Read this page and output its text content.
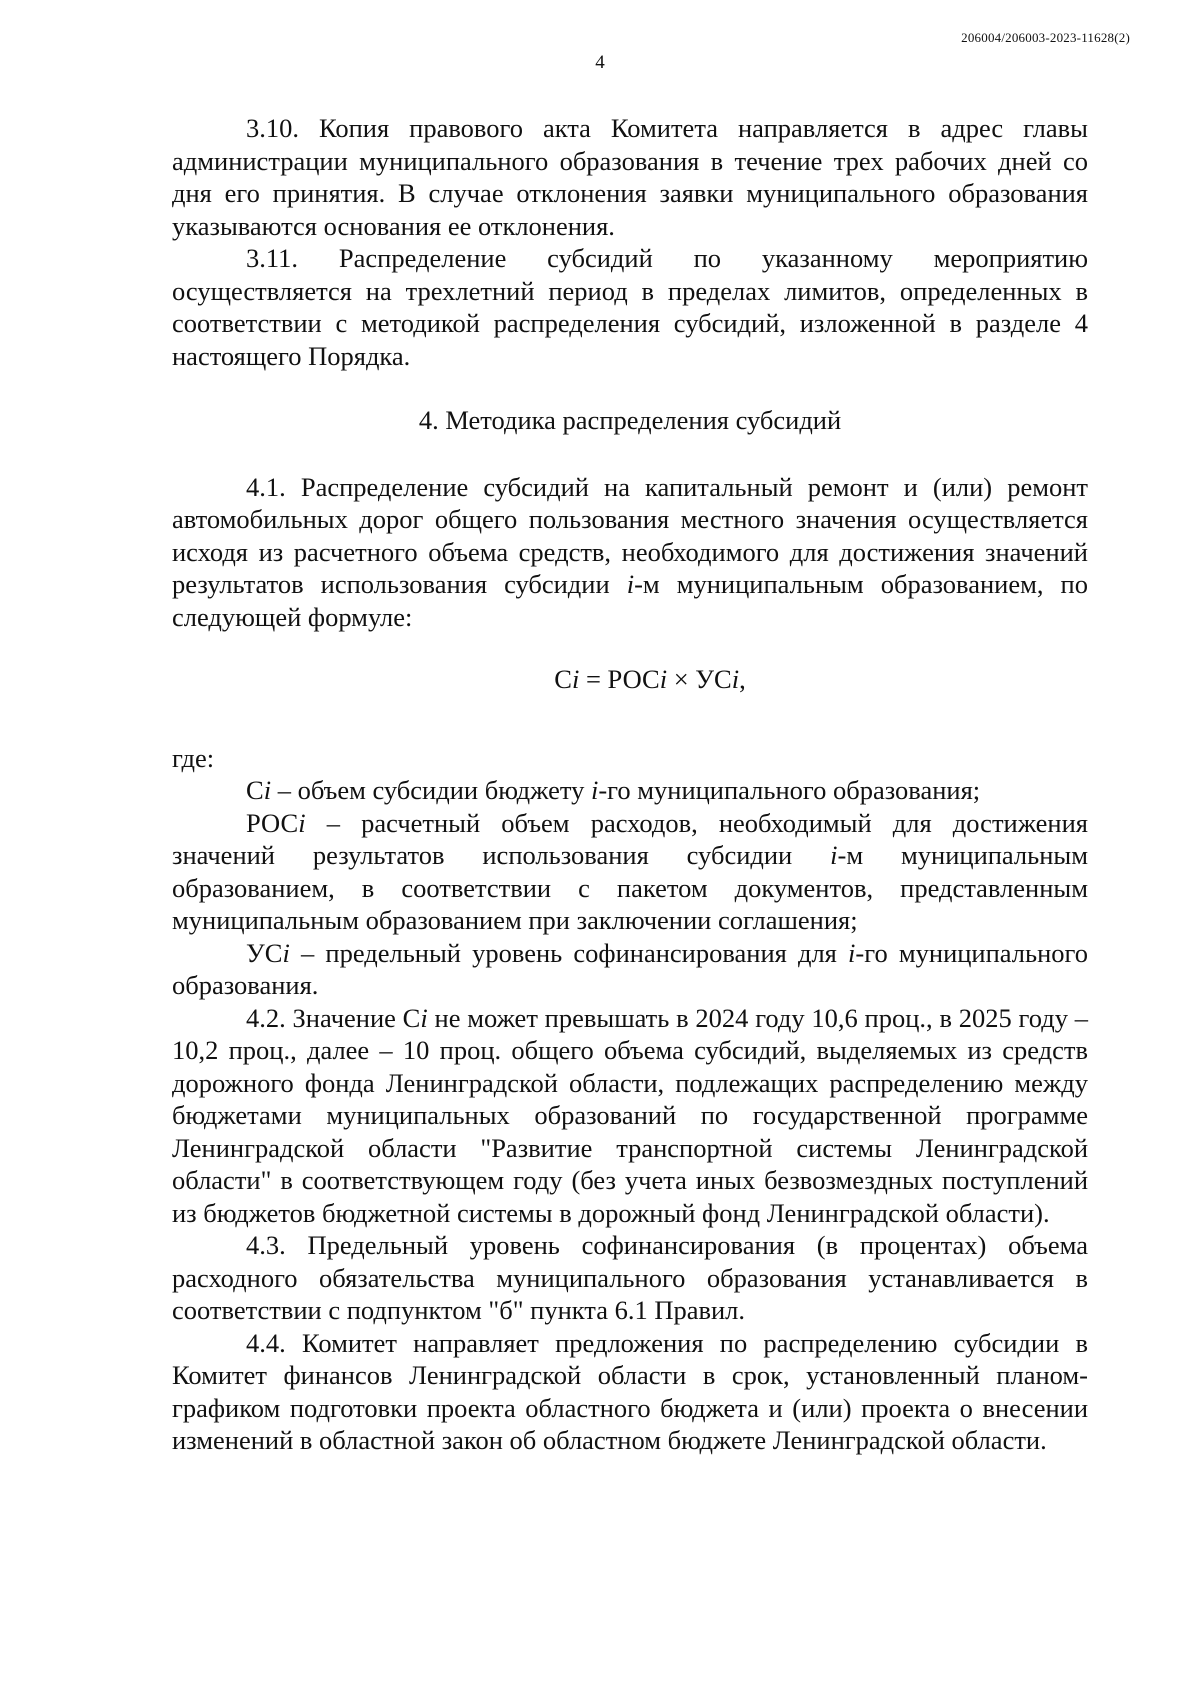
206004/206003-2023-11628(2)
4

3.10. Копия правового акта Комитета направляется в адрес главы администрации муниципального образования в течение трех рабочих дней со дня его принятия. В случае отклонения заявки муниципального образования указываются основания ее отклонения.

3.11. Распределение субсидий по указанному мероприятию осуществляется на трехлетний период в пределах лимитов, определенных в соответствии с методикой распределения субсидий, изложенной в разделе 4 настоящего Порядка.

4. Методика распределения субсидий

4.1. Распределение субсидий на капитальный ремонт и (или) ремонт автомобильных дорог общего пользования местного значения осуществляется исходя из расчетного объема средств, необходимого для достижения значений результатов использования субсидии i-м муниципальным образованием, по следующей формуле:

Сi = РОСi × УСi,

где:

Сi – объем субсидии бюджету i-го муниципального образования;

РОСi – расчетный объем расходов, необходимый для достижения значений результатов использования субсидии i-м муниципальным образованием, в соответствии с пакетом документов, представленным муниципальным образованием при заключении соглашения;

УСi – предельный уровень софинансирования для i-го муниципального образования.

4.2. Значение Сi не может превышать в 2024 году 10,6 проц., в 2025 году – 10,2 проц., далее – 10 проц. общего объема субсидий, выделяемых из средств дорожного фонда Ленинградской области, подлежащих распределению между бюджетами муниципальных образований по государственной программе Ленинградской области "Развитие транспортной системы Ленинградской области" в соответствующем году (без учета иных безвозмездных поступлений из бюджетов бюджетной системы в дорожный фонд Ленинградской области).

4.3. Предельный уровень софинансирования (в процентах) объема расходного обязательства муниципального образования устанавливается в соответствии с подпунктом "б" пункта 6.1 Правил.

4.4. Комитет направляет предложения по распределению субсидии в Комитет финансов Ленинградской области в срок, установленный планом-графиком подготовки проекта областного бюджета и (или) проекта о внесении изменений в областной закон об областном бюджете Ленинградской области.
